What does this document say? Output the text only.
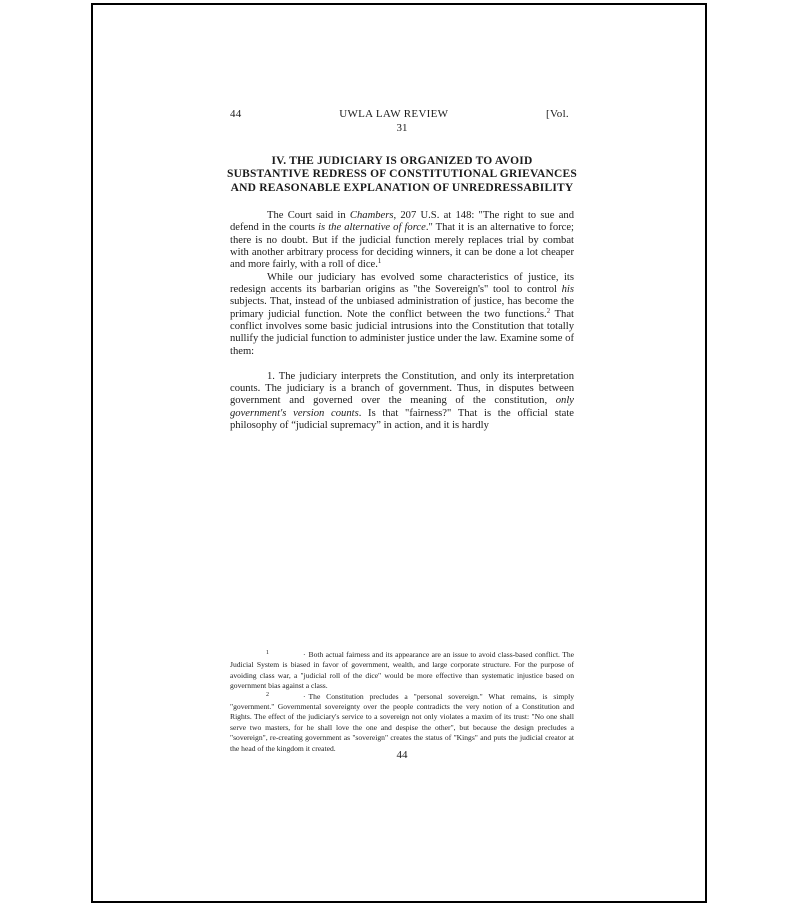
44	UWLA LAW REVIEW	[Vol.
31
IV. THE JUDICIARY IS ORGANIZED TO AVOID
SUBSTANTIVE REDRESS OF CONSTITUTIONAL GRIEVANCES
AND REASONABLE EXPLANATION OF UNREDRESSABILITY

The Court said in Chambers, 207 U.S. at 148: "The right to sue and defend in the courts is the alternative of force." That it is an alternative to force; there is no doubt. But if the judicial function merely replaces trial by combat with another arbitrary process for deciding winners, it can be done a lot cheaper and more fairly, with a roll of dice.$^1$

While our judiciary has evolved some characteristics of justice, its redesign accents its barbarian origins as "the Sovereign's" tool to control his subjects. That, instead of the unbiased administration of justice, has become the primary judicial function. Note the conflict between the two functions.$^2$ That conflict involves some basic judicial intrusions into the Constitution that totally nullify the judicial function to administer justice under the law. Examine some of them:

1. The judiciary interprets the Constitution, and only its interpretation counts. The judiciary is a branch of government. Thus, in disputes between government and governed over the meaning of the constitution, only government's version counts. Is that "fairness?" That is the official state philosophy of “judicial supremacy” in action, and it is hardly

$^1$	· Both actual fairness and its appearance are an issue to avoid class-based conflict. The Judicial System is biased in favor of government, wealth, and large corporate structure. For the purpose of avoiding class war, a "judicial roll of the dice" would be more effective than systematic injustice based on government bias against a class.

$^2$	· The Constitution precludes a "personal sovereign." What remains, is simply "government." Governmental sovereignty over the people contradicts the very notion of a Constitution and Rights. The effect of the judiciary's service to a sovereign not only violates a maxim of its trust: "No one shall serve two masters, for he shall love the one and despise the other", but because the design precludes a "sovereign", re-creating government as "sovereign" creates the status of "Kings" and puts the judicial creator at the head of the kingdom it created.

44
